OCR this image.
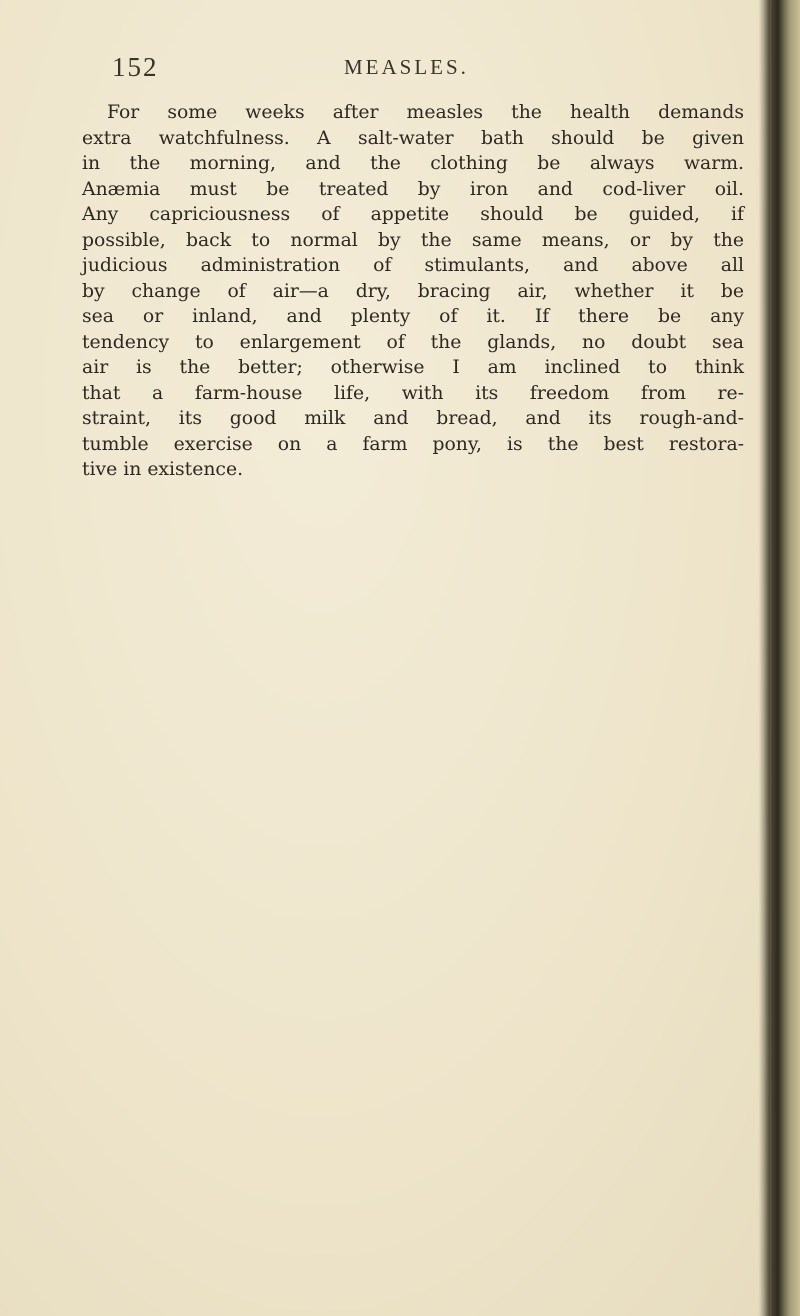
152	MEASLES.
For some weeks after measles the health demands
extra watchfulness. A salt-water bath should be given
in the morning, and the clothing be always warm.
Anæmia must be treated by iron and cod-liver oil.
Any capriciousness of appetite should be guided, if
possible, back to normal by the same means, or by the
judicious administration of stimulants, and above all
by change of air—a dry, bracing air, whether it be
sea or inland, and plenty of it. If there be any
tendency to enlargement of the glands, no doubt sea
air is the better; otherwise I am inclined to think
that a farm-house life, with its freedom from re-
straint, its good milk and bread, and its rough-and-
tumble exercise on a farm pony, is the best restora-
tive in existence.
